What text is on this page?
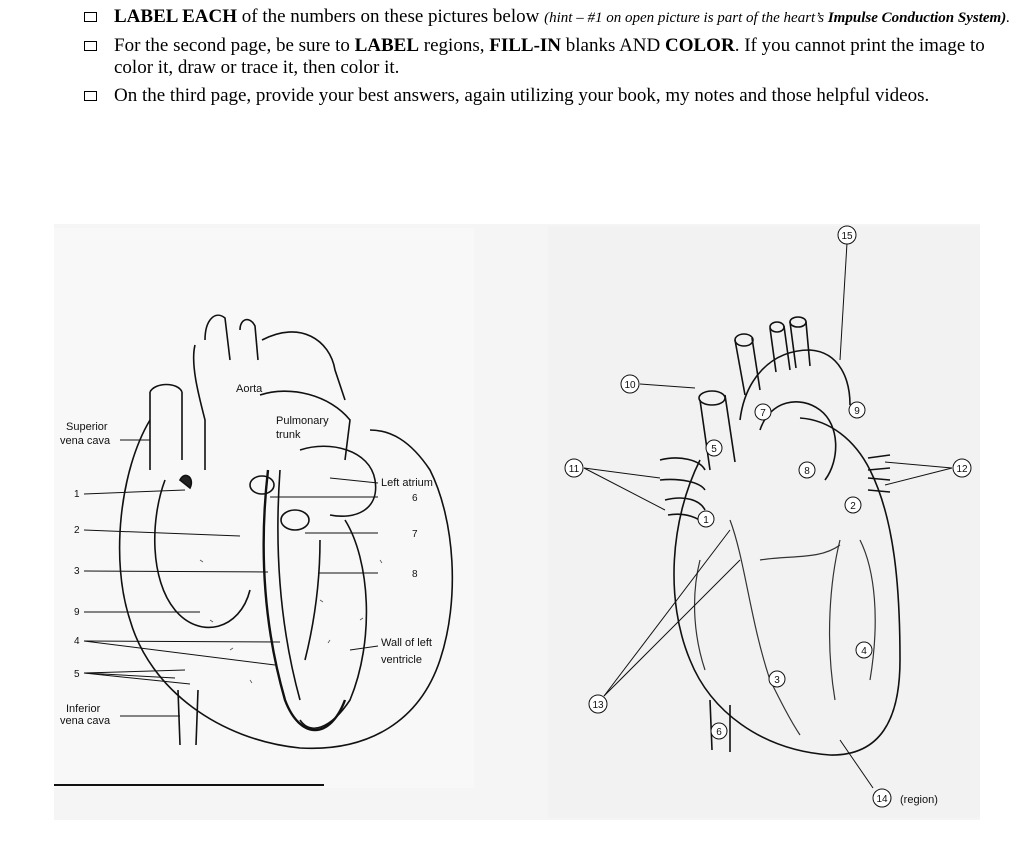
LABEL EACH of the numbers on these pictures below (hint – #1 on open picture is part of the heart’s Impulse Conduction System).
For the second page, be sure to LABEL regions, FILL-IN blanks AND COLOR. If you cannot print the image to color it, draw or trace it, then color it.
On the third page, provide your best answers, again utilizing your book, my notes and those helpful videos.
Aorta
Pulmonary
trunk
Superior
vena cava
Left atrium
Wall of left
ventricle
Inferior
vena cava
1
2
3
9
4
5
6
7
8
15
10
11
5
7	9
8	12
2
1
4
3
13
6
14 (region)
